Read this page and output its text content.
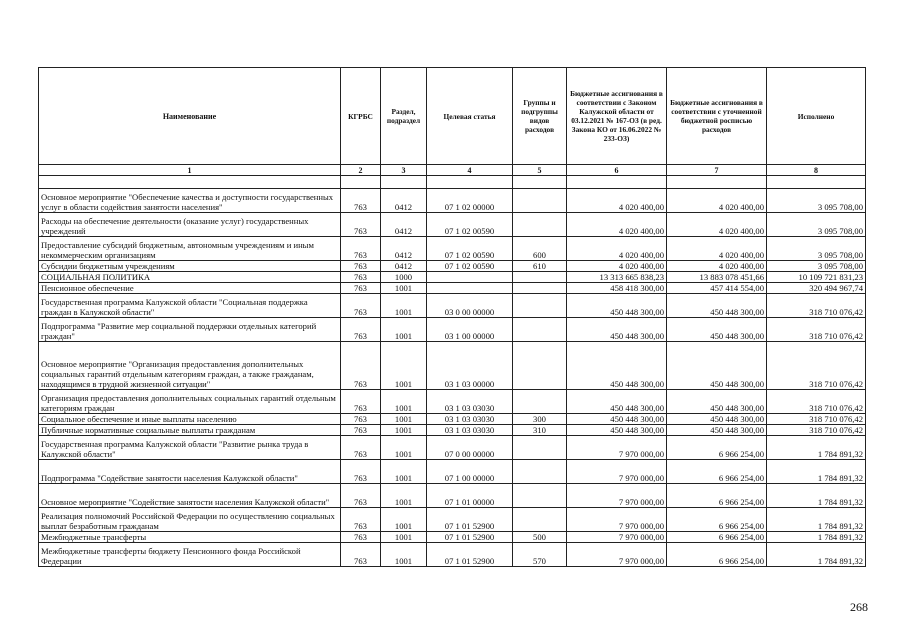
Наименование	КГРБС	Раздел, подраздел	Целевая статья	Группы и подгруппы видов расходов	Бюджетные ассигнования в соответствии с Законом Калужской области от 03.12.2021 № 167-ОЗ (в ред. Закона КО от 16.06.2022 № 233-ОЗ)	Бюджетные ассигнования в соответствии с уточненной бюджетной росписью расходов	Исполнено
1	2	3	4	5	6	7	8

Основное мероприятие "Обеспечение качества и доступности государственных услуг в области содействия занятости населения"	763	0412	07 1 02 00000		4 020 400,00	4 020 400,00	3 095 708,00
Расходы на обеспечение деятельности (оказание услуг) государственных учреждений	763	0412	07 1 02 00590		4 020 400,00	4 020 400,00	3 095 708,00
Предоставление субсидий бюджетным, автономным учреждениям и иным некоммерческим организациям	763	0412	07 1 02 00590	600	4 020 400,00	4 020 400,00	3 095 708,00
Субсидии бюджетным учреждениям	763	0412	07 1 02 00590	610	4 020 400,00	4 020 400,00	3 095 708,00
СОЦИАЛЬНАЯ ПОЛИТИКА	763	1000			13 313 665 838,23	13 883 078 451,66	10 109 721 831,23
Пенсионное обеспечение	763	1001			458 418 300,00	457 414 554,00	320 494 967,74
Государственная программа Калужской области "Социальная поддержка граждан в Калужской области"	763	1001	03 0 00 00000		450 448 300,00	450 448 300,00	318 710 076,42
Подпрограмма "Развитие мер социальной поддержки отдельных категорий граждан"	763	1001	03 1 00 00000		450 448 300,00	450 448 300,00	318 710 076,42
Основное мероприятие "Организация предоставления дополнительных социальных гарантий отдельным категориям граждан, а также гражданам, находящимся в трудной жизненной ситуации"	763	1001	03 1 03 00000		450 448 300,00	450 448 300,00	318 710 076,42
Организация предоставления дополнительных социальных гарантий отдельным категориям граждан	763	1001	03 1 03 03030		450 448 300,00	450 448 300,00	318 710 076,42
Социальное обеспечение и иные выплаты населению	763	1001	03 1 03 03030	300	450 448 300,00	450 448 300,00	318 710 076,42
Публичные нормативные социальные выплаты гражданам	763	1001	03 1 03 03030	310	450 448 300,00	450 448 300,00	318 710 076,42
Государственная программа Калужской области "Развитие рынка труда в Калужской области"	763	1001	07 0 00 00000		7 970 000,00	6 966 254,00	1 784 891,32
Подпрограмма "Содействие занятости населения Калужской области"	763	1001	07 1 00 00000		7 970 000,00	6 966 254,00	1 784 891,32
Основное мероприятие "Содействие занятости населения Калужской области"	763	1001	07 1 01 00000		7 970 000,00	6 966 254,00	1 784 891,32
Реализация полномочий Российской Федерации по осуществлению социальных выплат безработным гражданам	763	1001	07 1 01 52900		7 970 000,00	6 966 254,00	1 784 891,32
Межбюджетные трансферты	763	1001	07 1 01 52900	500	7 970 000,00	6 966 254,00	1 784 891,32
Межбюджетные трансферты бюджету Пенсионного фонда Российской Федерации	763	1001	07 1 01 52900	570	7 970 000,00	6 966 254,00	1 784 891,32
268
